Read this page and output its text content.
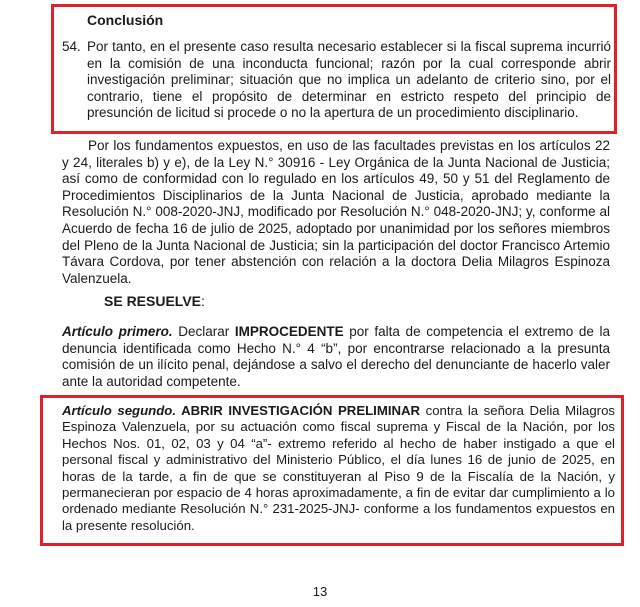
Conclusión
54. Por tanto, en el presente caso resulta necesario establecer si la fiscal suprema incurrió en la comisión de una inconducta funcional; razón por la cual corresponde abrir investigación preliminar; situación que no implica un adelanto de criterio sino, por el contrario, tiene el propósito de determinar en estricto respeto del principio de presunción de licitud si procede o no la apertura de un procedimiento disciplinario.
Por los fundamentos expuestos, en uso de las facultades previstas en los artículos 22 y 24, literales b) y e), de la Ley N.° 30916 - Ley Orgánica de la Junta Nacional de Justicia; así como de conformidad con lo regulado en los artículos 49, 50 y 51 del Reglamento de Procedimientos Disciplinarios de la Junta Nacional de Justicia, aprobado mediante la Resolución N.° 008-2020-JNJ, modificado por Resolución N.° 048-2020-JNJ; y, conforme al Acuerdo de fecha 16 de julio de 2025, adoptado por unanimidad por los señores miembros del Pleno de la Junta Nacional de Justicia; sin la participación del doctor Francisco Artemio Távara Cordova, por tener abstención con relación a la doctora Delia Milagros Espinoza Valenzuela.
SE RESUELVE:
Artículo primero. Declarar IMPROCEDENTE por falta de competencia el extremo de la denuncia identificada como Hecho N.° 4 “b”, por encontrarse relacionado a la presunta comisión de un ilícito penal, dejándose a salvo el derecho del denunciante de hacerlo valer ante la autoridad competente.
Artículo segundo. ABRIR INVESTIGACIÓN PRELIMINAR contra la señora Delia Milagros Espinoza Valenzuela, por su actuación como fiscal suprema y Fiscal de la Nación, por los Hechos Nos. 01, 02, 03 y 04 “a”- extremo referido al hecho de haber instigado a que el personal fiscal y administrativo del Ministerio Público, el día lunes 16 de junio de 2025, en horas de la tarde, a fin de que se constituyeran al Piso 9 de la Fiscalía de la Nación, y permanecieran por espacio de 4 horas aproximadamente, a fin de evitar dar cumplimiento a lo ordenado mediante Resolución N.° 231-2025-JNJ- conforme a los fundamentos expuestos en la presente resolución.
13
